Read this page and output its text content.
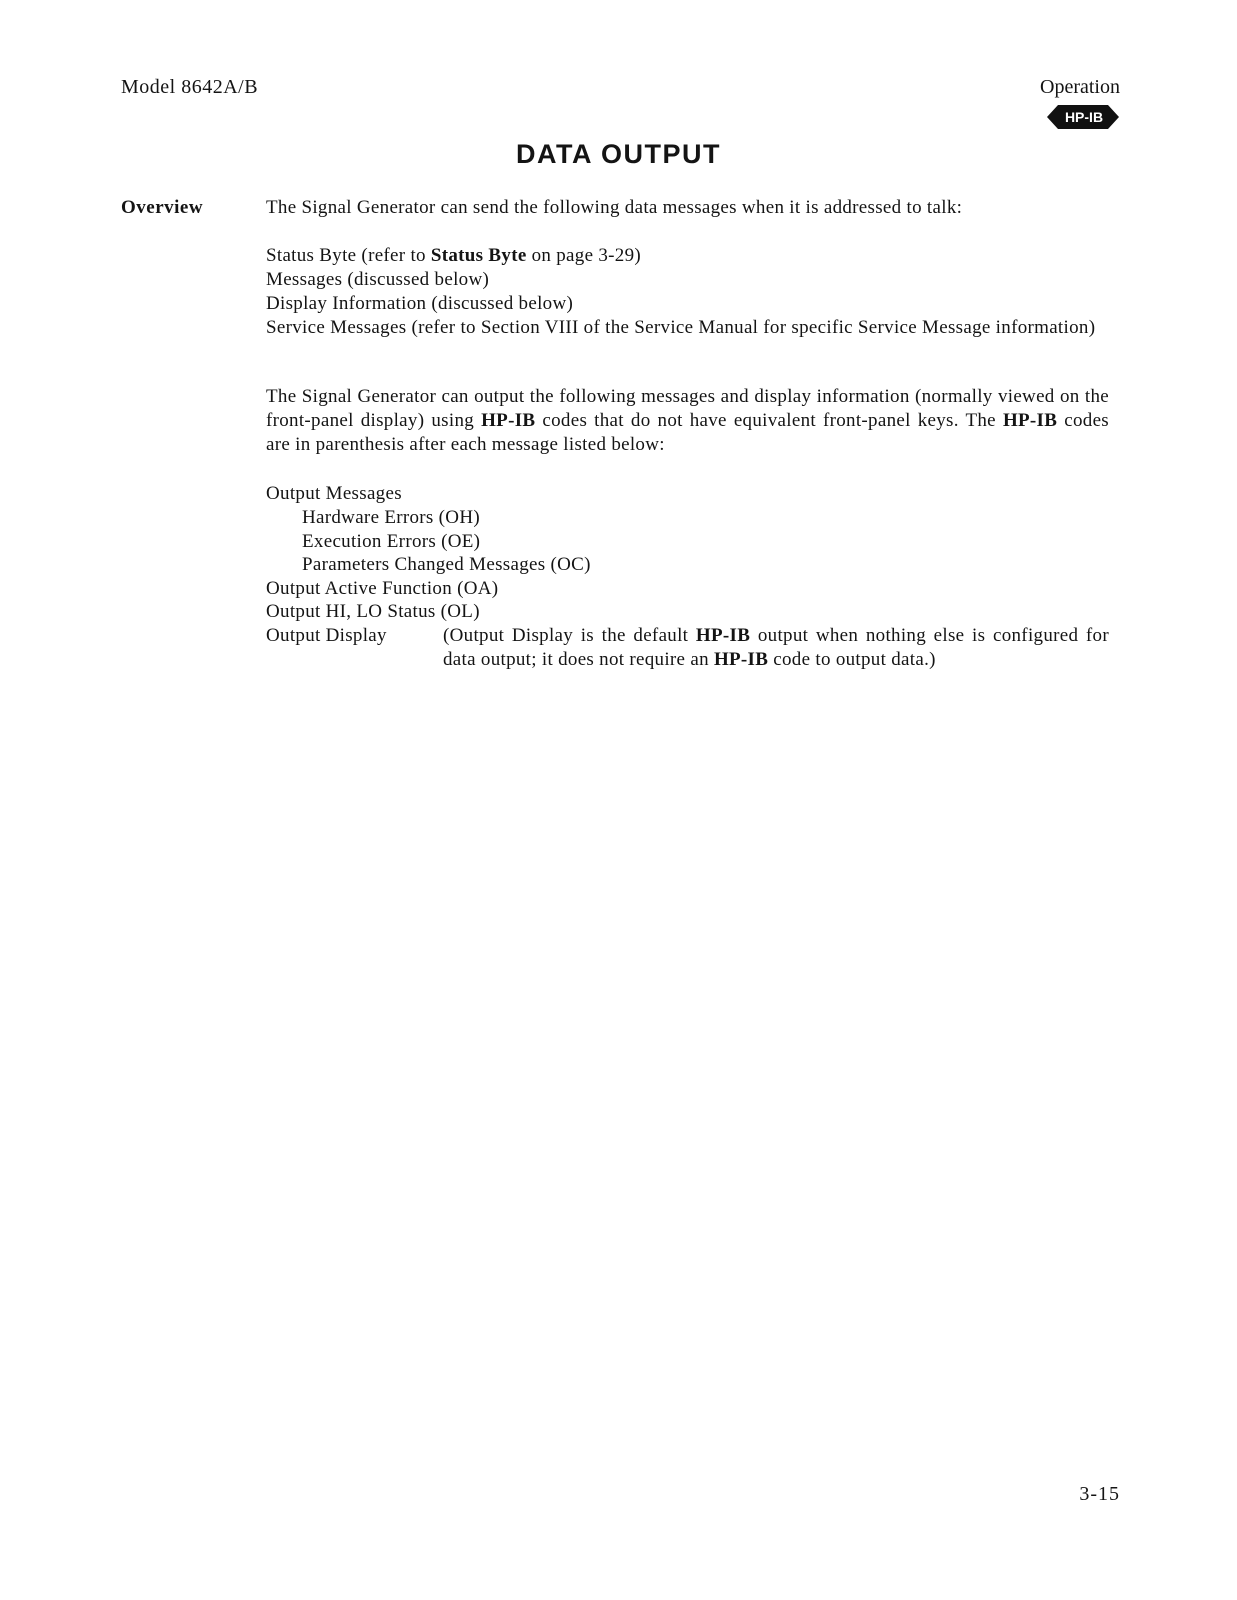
Model 8642A/B	Operation
HP-IB
DATA OUTPUT
Overview	The Signal Generator can send the following data messages when it is addressed to talk:
Status Byte (refer to Status Byte on page 3-29)
Messages (discussed below)
Display Information (discussed below)
Service Messages (refer to Section VIII of the Service Manual for specific Service Message information)
The Signal Generator can output the following messages and display information (normally viewed on the front-panel display) using HP-IB codes that do not have equivalent front-panel keys. The HP-IB codes are in parenthesis after each message listed below:
Output Messages
Hardware Errors (OH)
Execution Errors (OE)
Parameters Changed Messages (OC)
Output Active Function (OA)
Output HI, LO Status (OL)
Output Display	(Output Display is the default HP-IB output when nothing else is configured for data output; it does not require an HP-IB code to output data.)
3-15
